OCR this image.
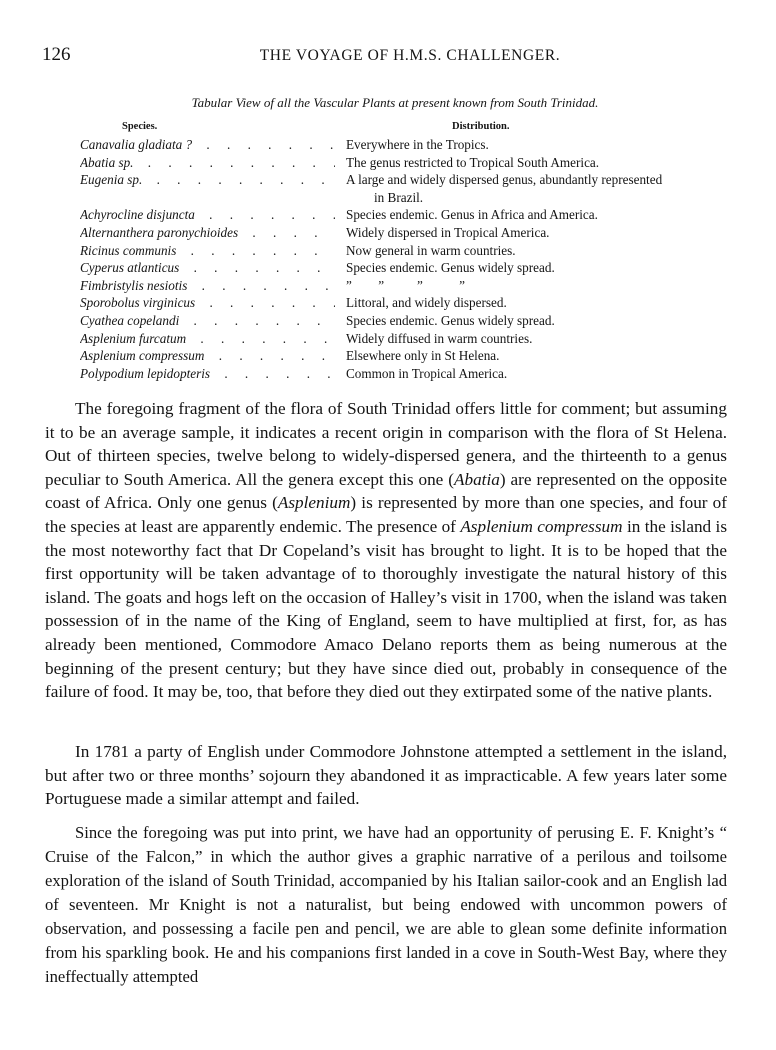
126	THE VOYAGE OF H.M.S. CHALLENGER.
Tabular View of all the Vascular Plants at present known from South Trinidad.
Species.	Distribution.
Canavalia gladiata ? . . .	Everywhere in the Tropics.
Abatia sp. . . .	The genus restricted to Tropical South America.
Eugenia sp. . . .	A large and widely dispersed genus, abundantly represented
in Brazil.
Achyrocline disjuncta . . .	Species endemic. Genus in Africa and America.
Alternanthera paronychioides . . .	Widely dispersed in Tropical America.
Ricinus communis . . .	Now general in warm countries.
Cyperus atlanticus . . .	Species endemic. Genus widely spread.
Fimbristylis nesiotis . . .	”        ”          ”           ”
Sporobolus virginicus . . .	Littoral, and widely dispersed.
Cyathea copelandi . . .	Species endemic. Genus widely spread.
Asplenium furcatum . . .	Widely diffused in warm countries.
Asplenium compressum . . .	Elsewhere only in St Helena.
Polypodium lepidopteris . . .	Common in Tropical America.

The foregoing fragment of the flora of South Trinidad offers little for comment; but assuming it to be an average sample, it indicates a recent origin in comparison with the flora of St Helena. Out of thirteen species, twelve belong to widely-dispersed genera, and the thirteenth to a genus peculiar to South America. All the genera except this one (Abatia) are represented on the opposite coast of Africa. Only one genus (Asplenium) is represented by more than one species, and four of the species at least are apparently endemic. The presence of Asplenium compressum in the island is the most noteworthy fact that Dr Copeland’s visit has brought to light. It is to be hoped that the first opportunity will be taken advantage of to thoroughly investigate the natural history of this island. The goats and hogs left on the occasion of Halley’s visit in 1700, when the island was taken possession of in the name of the King of England, seem to have multiplied at first, for, as has already been mentioned, Commodore Amaco Delano reports them as being numerous at the beginning of the present century; but they have since died out, probably in consequence of the failure of food. It may be, too, that before they died out they extirpated some of the native plants.

In 1781 a party of English under Commodore Johnstone attempted a settlement in the island, but after two or three months’ sojourn they abandoned it as impracticable. A few years later some Portuguese made a similar attempt and failed.

Since the foregoing was put into print, we have had an opportunity of perusing E. F. Knight’s “ Cruise of the Falcon,” in which the author gives a graphic narrative of a perilous and toilsome exploration of the island of South Trinidad, accompanied by his Italian sailor-cook and an English lad of seventeen. Mr Knight is not a naturalist, but being endowed with uncommon powers of observation, and possessing a facile pen and pencil, we are able to glean some definite information from his sparkling book. He and his companions first landed in a cove in South-West Bay, where they ineffectually attempted
